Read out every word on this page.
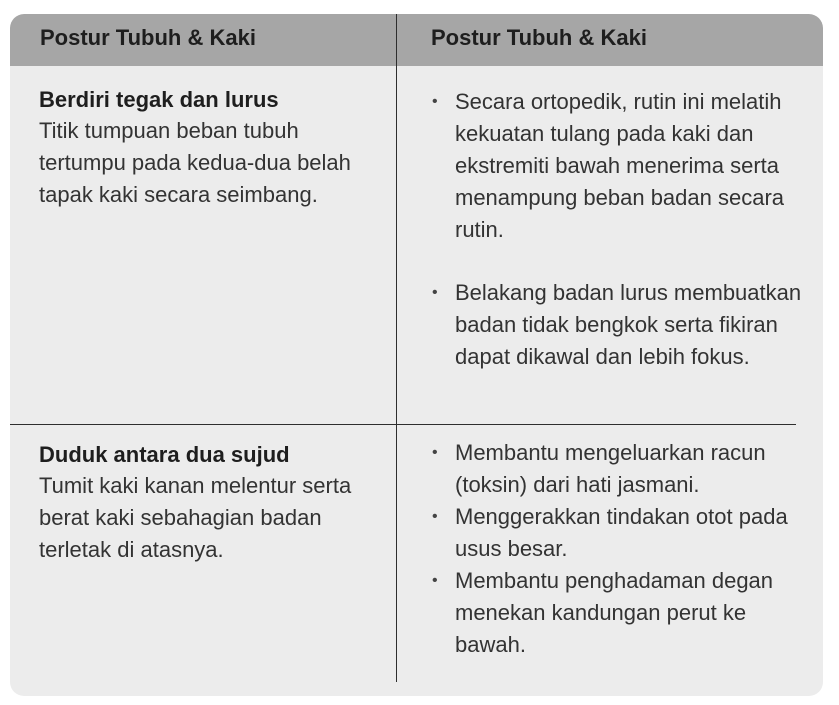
Postur Tubuh & Kaki	Postur Tubuh & Kaki
Berdiri tegak dan lurus
Titik tumpuan beban tubuh tertumpu pada kedua-dua belah tapak kaki secara seimbang.
• Secara ortopedik, rutin ini melatih kekuatan tulang pada kaki dan ekstremiti bawah menerima serta menampung beban badan secara rutin.
• Belakang badan lurus membuatkan badan tidak bengkok serta fikiran dapat dikawal dan lebih fokus.
Duduk antara dua sujud
Tumit kaki kanan melentur serta berat kaki sebahagian badan terletak di atasnya.
• Membantu mengeluarkan racun (toksin) dari hati jasmani.
• Menggerakkan tindakan otot pada usus besar.
• Membantu penghadaman degan menekan kandungan perut ke bawah.
